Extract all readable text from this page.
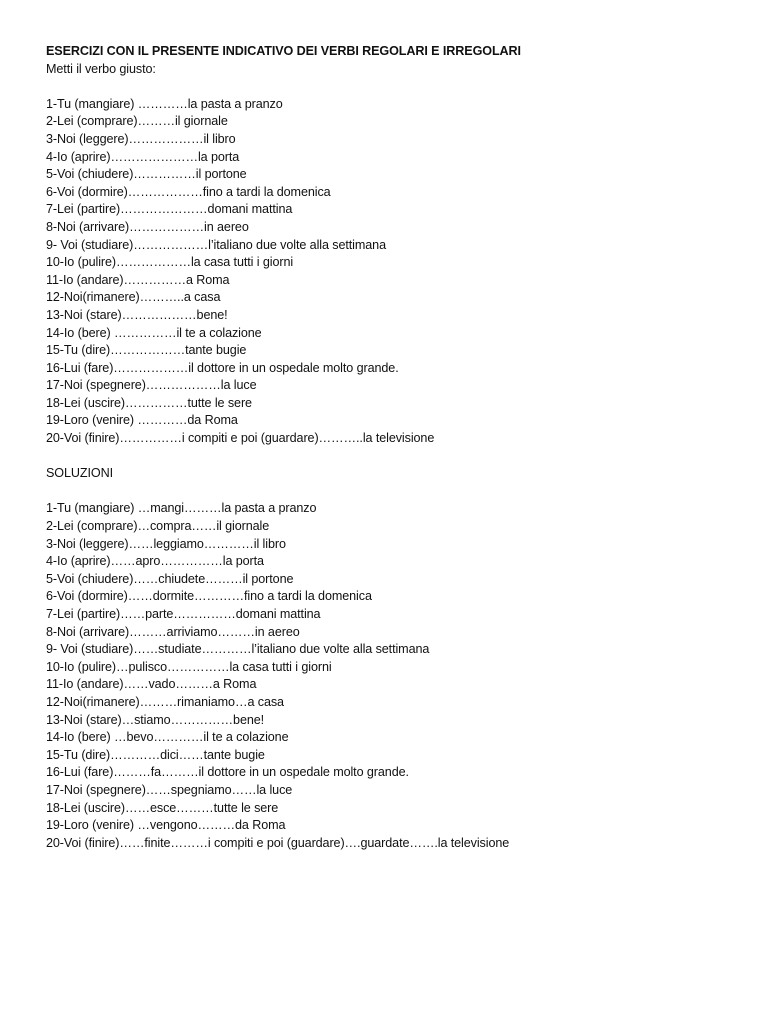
ESERCIZI CON IL PRESENTE INDICATIVO DEI VERBI REGOLARI E IRREGOLARI
Metti il verbo giusto:
1-Tu (mangiare) …………la pasta a pranzo
2-Lei (comprare)………il giornale
3-Noi (leggere)………………il libro
4-Io (aprire)…………………la porta
5-Voi (chiudere)……………il portone
6-Voi (dormire)………………fino a tardi la domenica
7-Lei (partire)…………………domani mattina
8-Noi (arrivare)………………in aereo
9- Voi (studiare)………………l’italiano due volte alla settimana
10-Io (pulire)………………la casa tutti i giorni
11-Io (andare)……………a Roma
12-Noi(rimanere)………..a casa
13-Noi (stare)………………bene!
14-Io (bere) ……………il te a colazione
15-Tu (dire)………………tante bugie
16-Lui (fare)………………il dottore in un ospedale molto grande.
17-Noi (spegnere)………………la luce
18-Lei (uscire)……………tutte le sere
19-Loro (venire) …………da Roma
20-Voi (finire)……………i compiti e poi (guardare)………..la televisione
SOLUZIONI
1-Tu (mangiare) …mangi………la pasta a pranzo
2-Lei (comprare)…compra……il giornale
3-Noi (leggere)……leggiamo…………il libro
4-Io (aprire)……apro……………la porta
5-Voi (chiudere)……chiudete………il portone
6-Voi (dormire)……dormite…………fino a tardi la domenica
7-Lei (partire)……parte……………domani mattina
8-Noi (arrivare)………arriviamo………in aereo
9- Voi (studiare)……studiate…………l’italiano due volte alla settimana
10-Io (pulire)…pulisco……………la casa tutti i giorni
11-Io (andare)……vado………a Roma
12-Noi(rimanere)………rimaniamo…a casa
13-Noi (stare)…stiamo……………bene!
14-Io (bere) …bevo…………il te a colazione
15-Tu (dire)…………dici……tante bugie
16-Lui (fare)………fa………il dottore in un ospedale molto grande.
17-Noi (spegnere)……spegniamo……la luce
18-Lei (uscire)……esce………tutte le sere
19-Loro (venire) …vengono………da Roma
20-Voi (finire)……finite………i compiti e poi (guardare)….guardate…….la televisione
